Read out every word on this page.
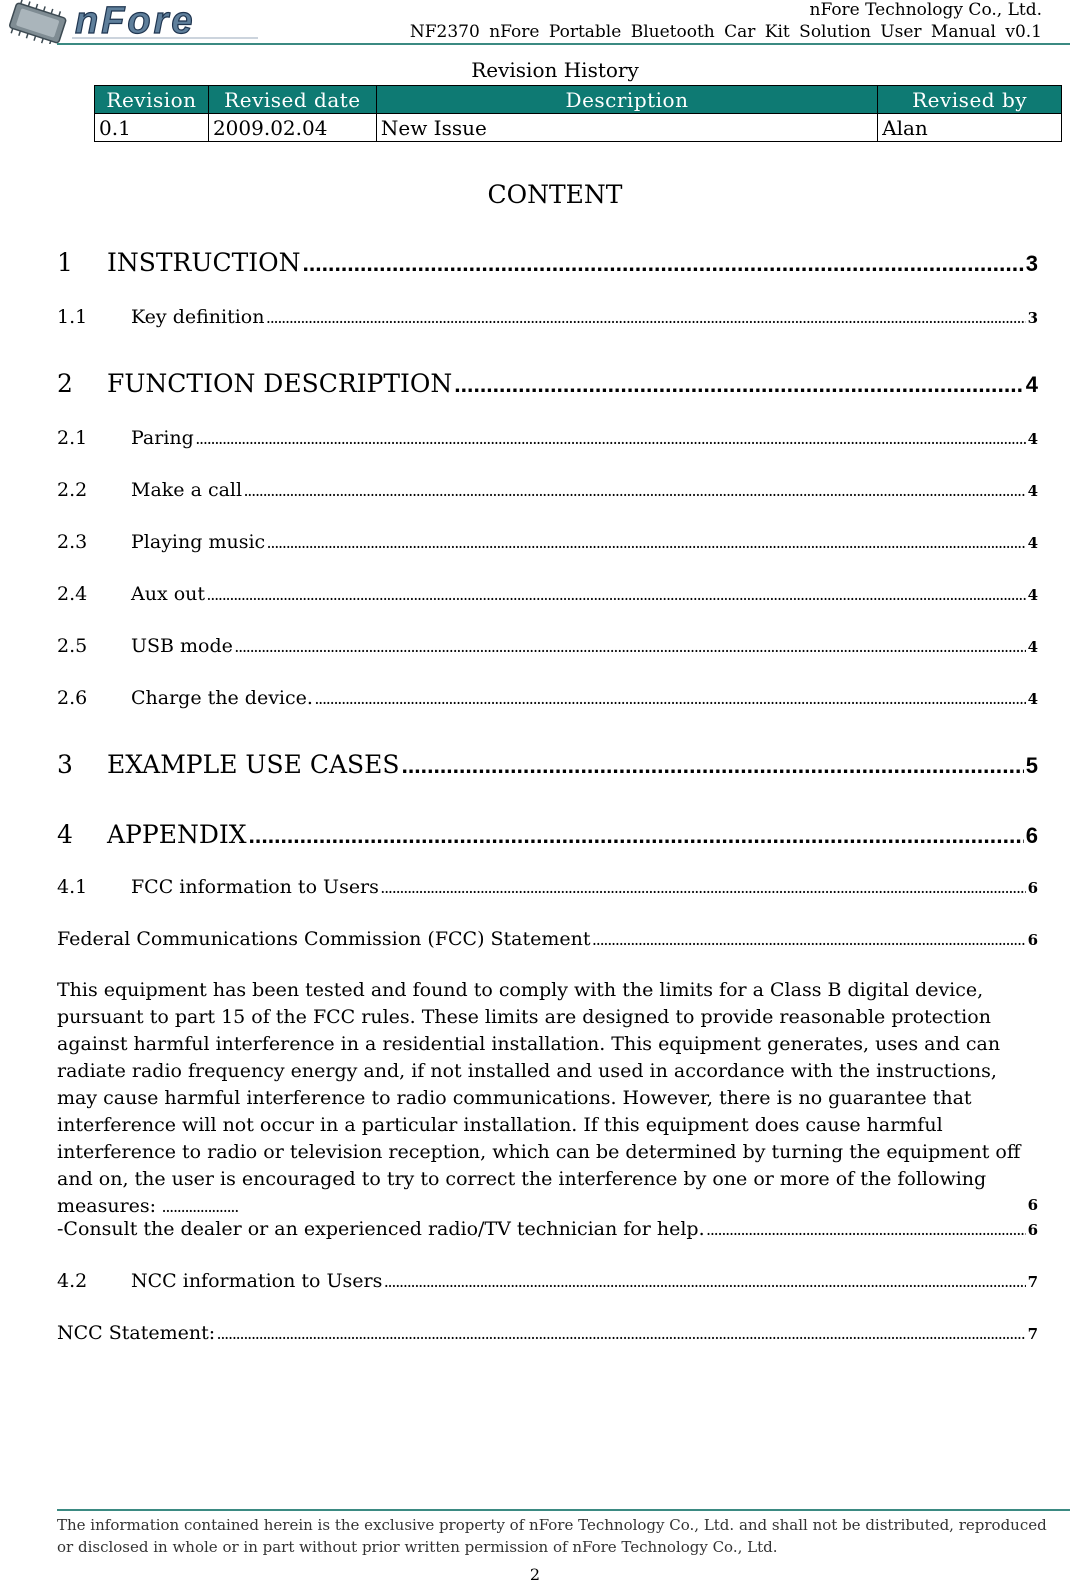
nFore	nFore Technology Co., Ltd.
NF2370 nFore Portable Bluetooth Car Kit Solution User Manual v0.1
Revision History
Revision	Revised date	Description	Revised by
0.1	2009.02.04	New Issue	Alan
CONTENT
1	INSTRUCTION .....	3
1.1	Key definition .....	3
2	FUNCTION DESCRIPTION .....	4
2.1	Paring .....	4
2.2	Make a call .....	4
2.3	Playing music .....	4
2.4	Aux out .....	4
2.5	USB mode .....	4
2.6	Charge the device. .....	4
3	EXAMPLE USE CASES .....	5
4	APPENDIX .....	6
4.1	FCC information to Users .....	6
Federal Communications Commission (FCC) Statement .....	6
This equipment has been tested and found to comply with the limits for a Class B digital device, pursuant to part 15 of the FCC rules. These limits are designed to provide reasonable protection against harmful interference in a residential installation. This equipment generates, uses and can radiate radio frequency energy and, if not installed and used in accordance with the instructions, may cause harmful interference to radio communications. However, there is no guarantee that interference will not occur in a particular installation. If this equipment does cause harmful interference to radio or television reception, which can be determined by turning the equipment off and on, the user is encouraged to try to correct the interference by one or more of the following measures: ....................	6
-Consult the dealer or an experienced radio/TV technician for help. .....	6
4.2	NCC information to Users .....	7
NCC Statement: .....	7
The information contained herein is the exclusive property of nFore Technology Co., Ltd. and shall not be distributed, reproduced or disclosed in whole or in part without prior written permission of nFore Technology Co., Ltd.
2
